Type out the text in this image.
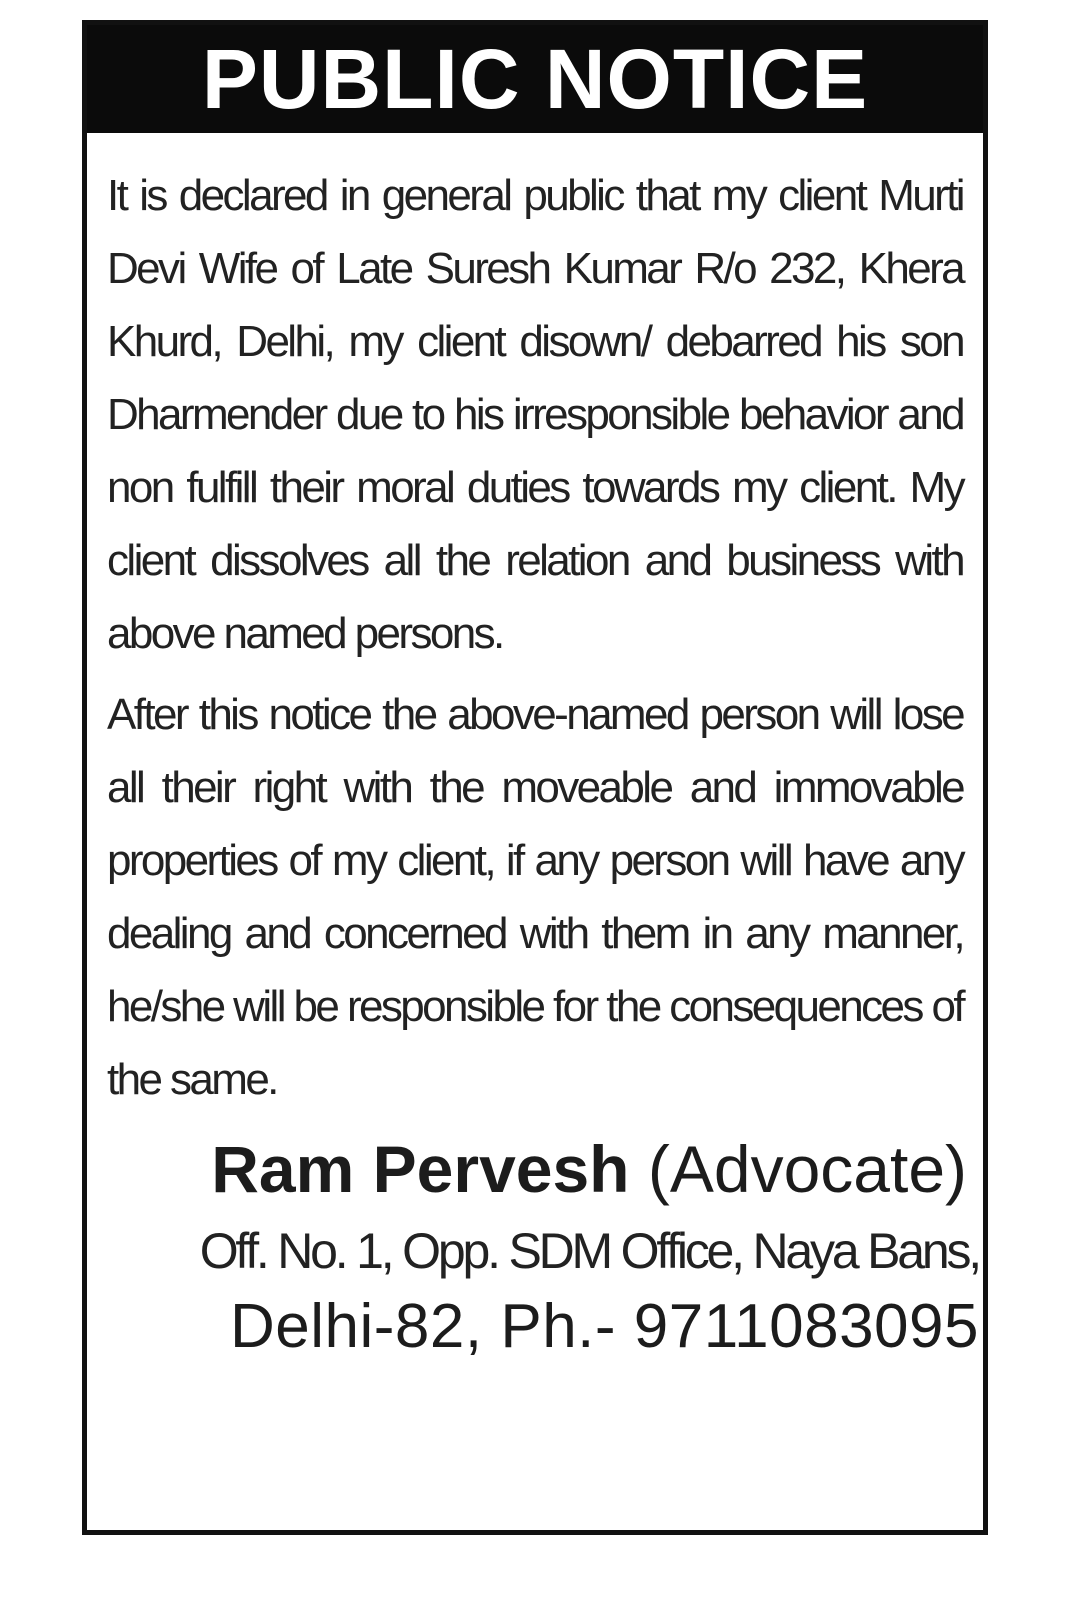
PUBLIC NOTICE

It is declared in general public that my client Murti Devi Wife of Late Suresh Kumar R/o 232, Khera Khurd, Delhi, my client disown/ debarred his son Dharmender due to his irresponsible behavior and non fulfill their moral duties towards my client. My client dissolves all the relation and business with above named persons.

After this notice the above-named person will lose all their right with the moveable and immovable properties of my client, if any person will have any dealing and concerned with them in any manner, he/she will be responsible for the consequences of the same.

Ram Pervesh (Advocate)
Off. No. 1, Opp. SDM Office, Naya Bans,
Delhi-82, Ph.- 9711083095
